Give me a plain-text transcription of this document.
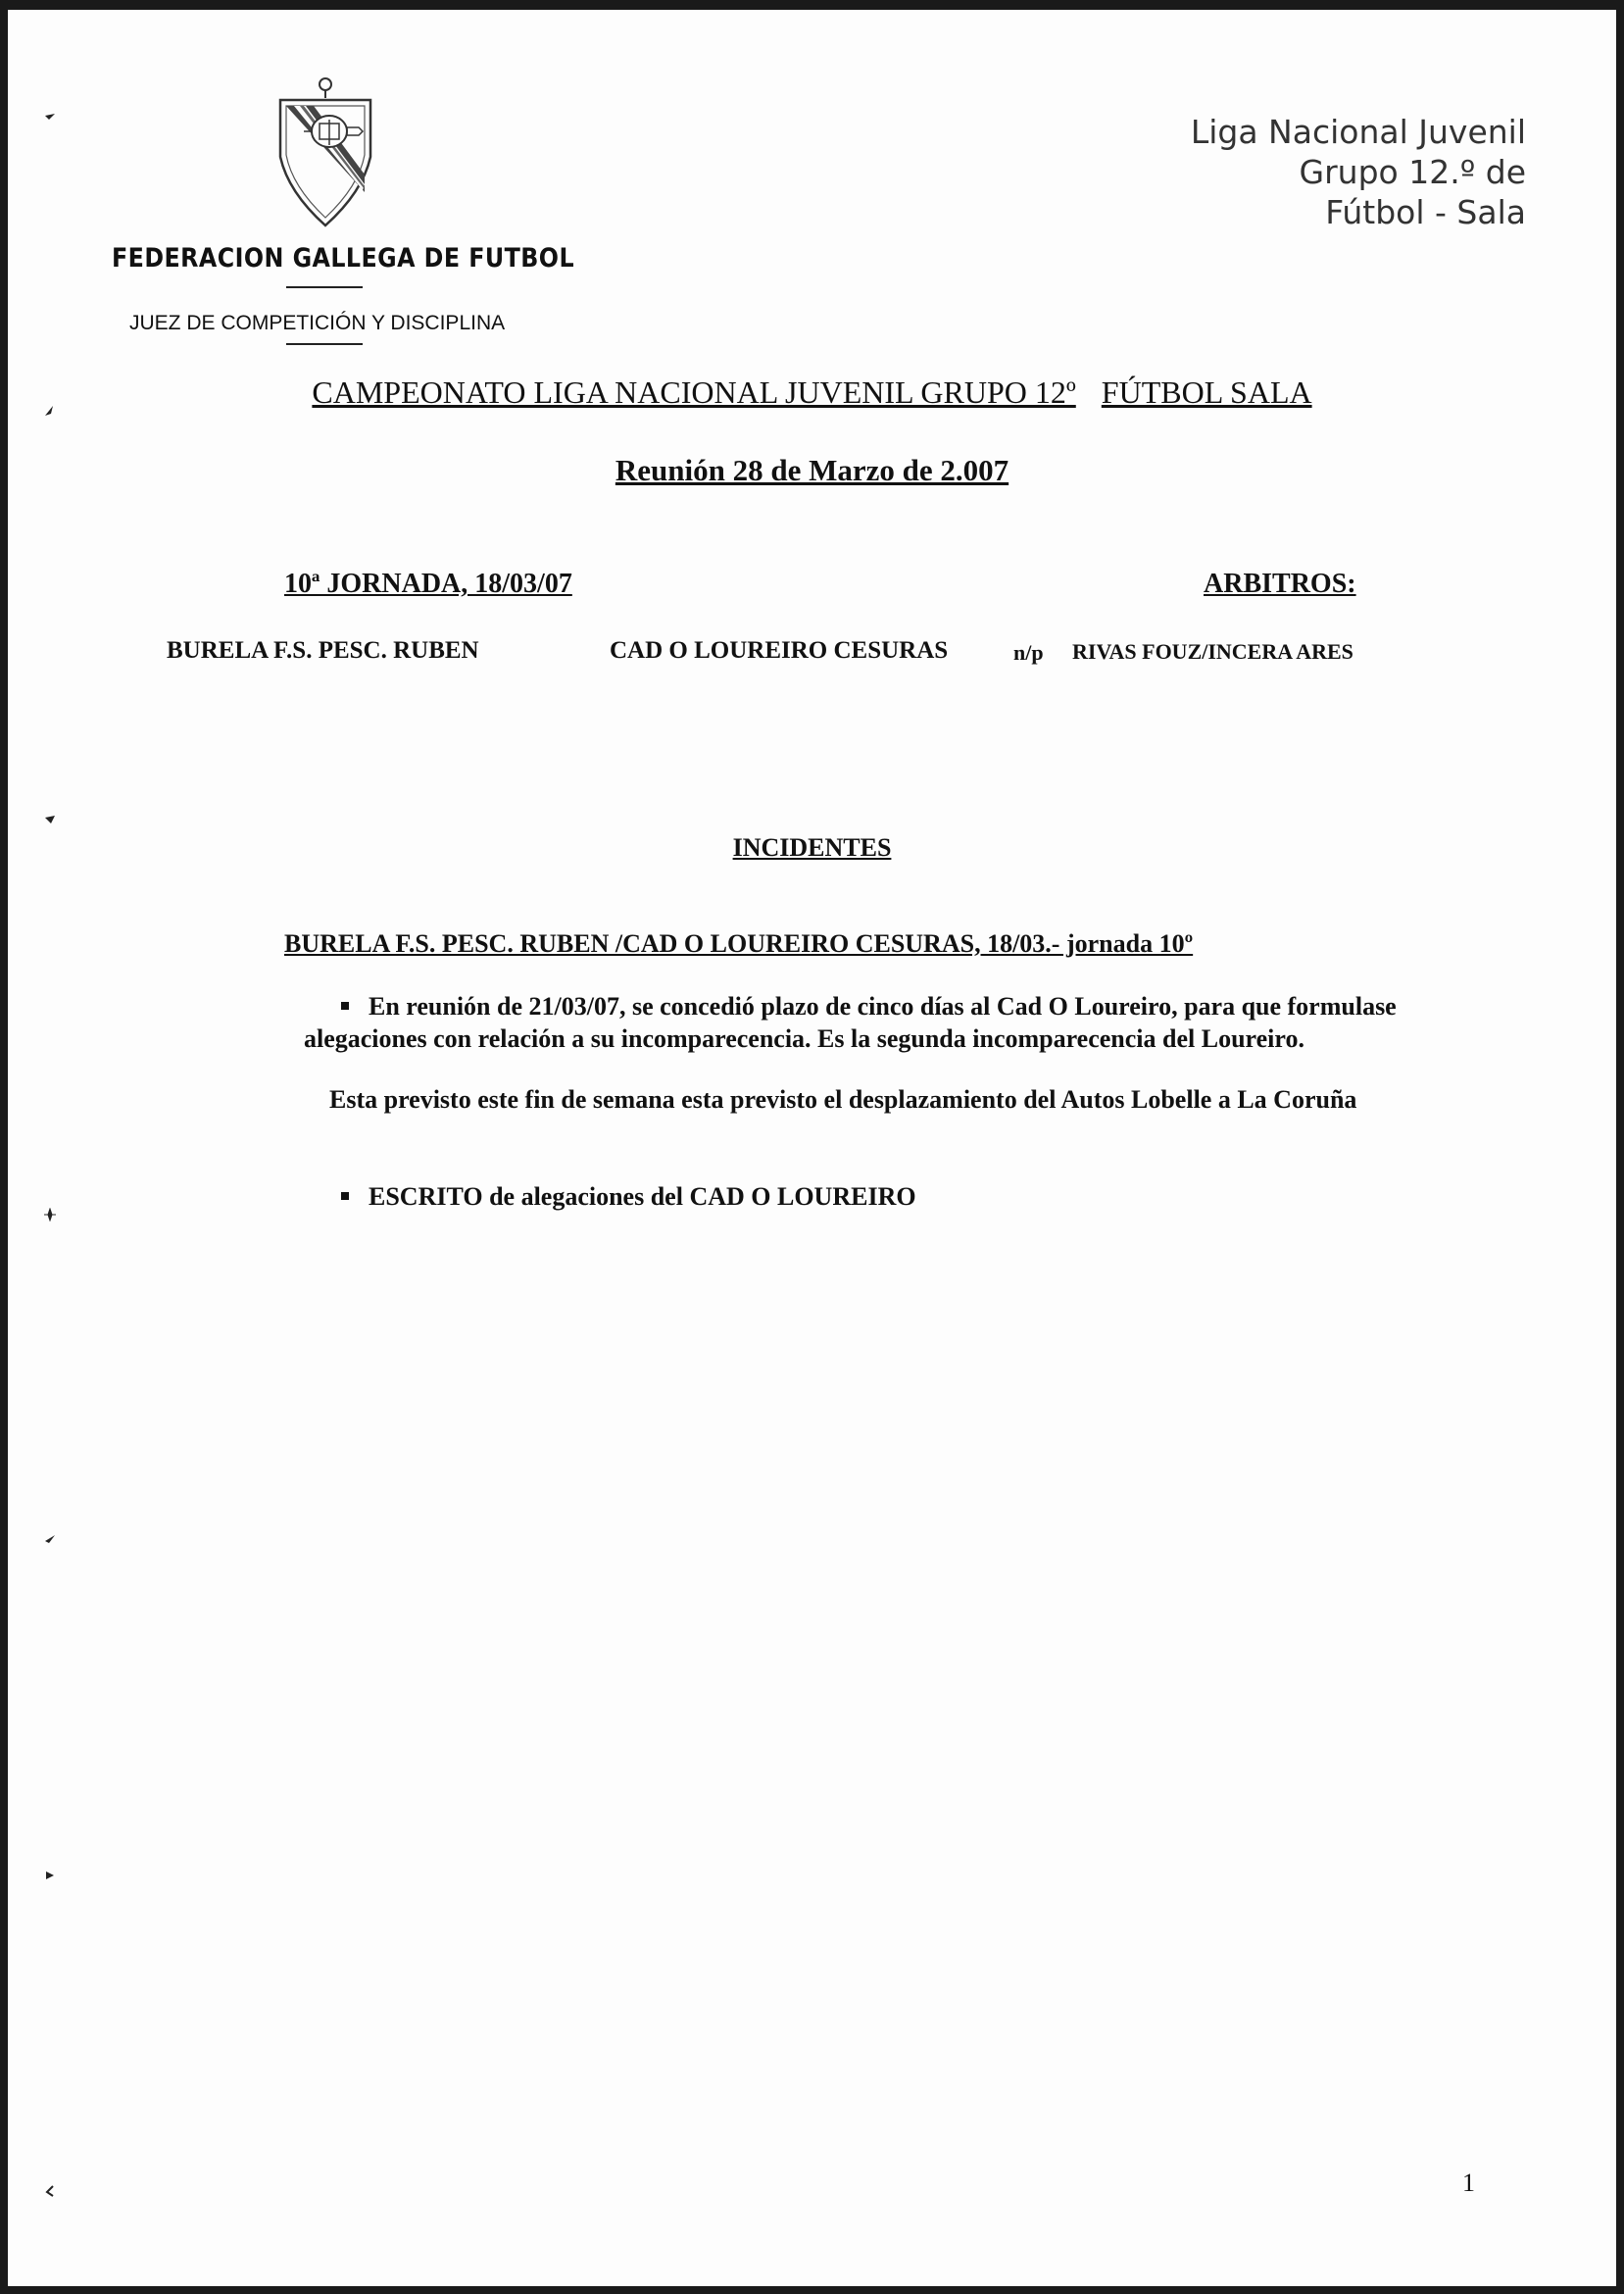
FEDERACION GALLEGA DE FUTBOL
JUEZ DE COMPETICIÓN Y DISCIPLINA
Liga Nacional Juvenil
Grupo 12.º de
Fútbol - Sala
CAMPEONATO LIGA NACIONAL JUVENIL GRUPO 12º FÚTBOL SALA
Reunión 28 de Marzo de 2.007
10ª JORNADA, 18/03/07	ARBITROS:
BURELA F.S. PESC. RUBEN	CAD O LOUREIRO CESURAS	n/p RIVAS FOUZ/INCERA ARES
INCIDENTES
BURELA F.S. PESC. RUBEN /CAD O LOUREIRO CESURAS, 18/03.- jornada 10º
En reunión de 21/03/07, se concedió plazo de cinco días al Cad O Loureiro, para que formulase alegaciones con relación a su incomparecencia. Es la segunda incomparecencia del Loureiro.
Esta previsto este fin de semana esta previsto el desplazamiento del Autos Lobelle a La Coruña
ESCRITO de alegaciones del CAD O LOUREIRO
1
